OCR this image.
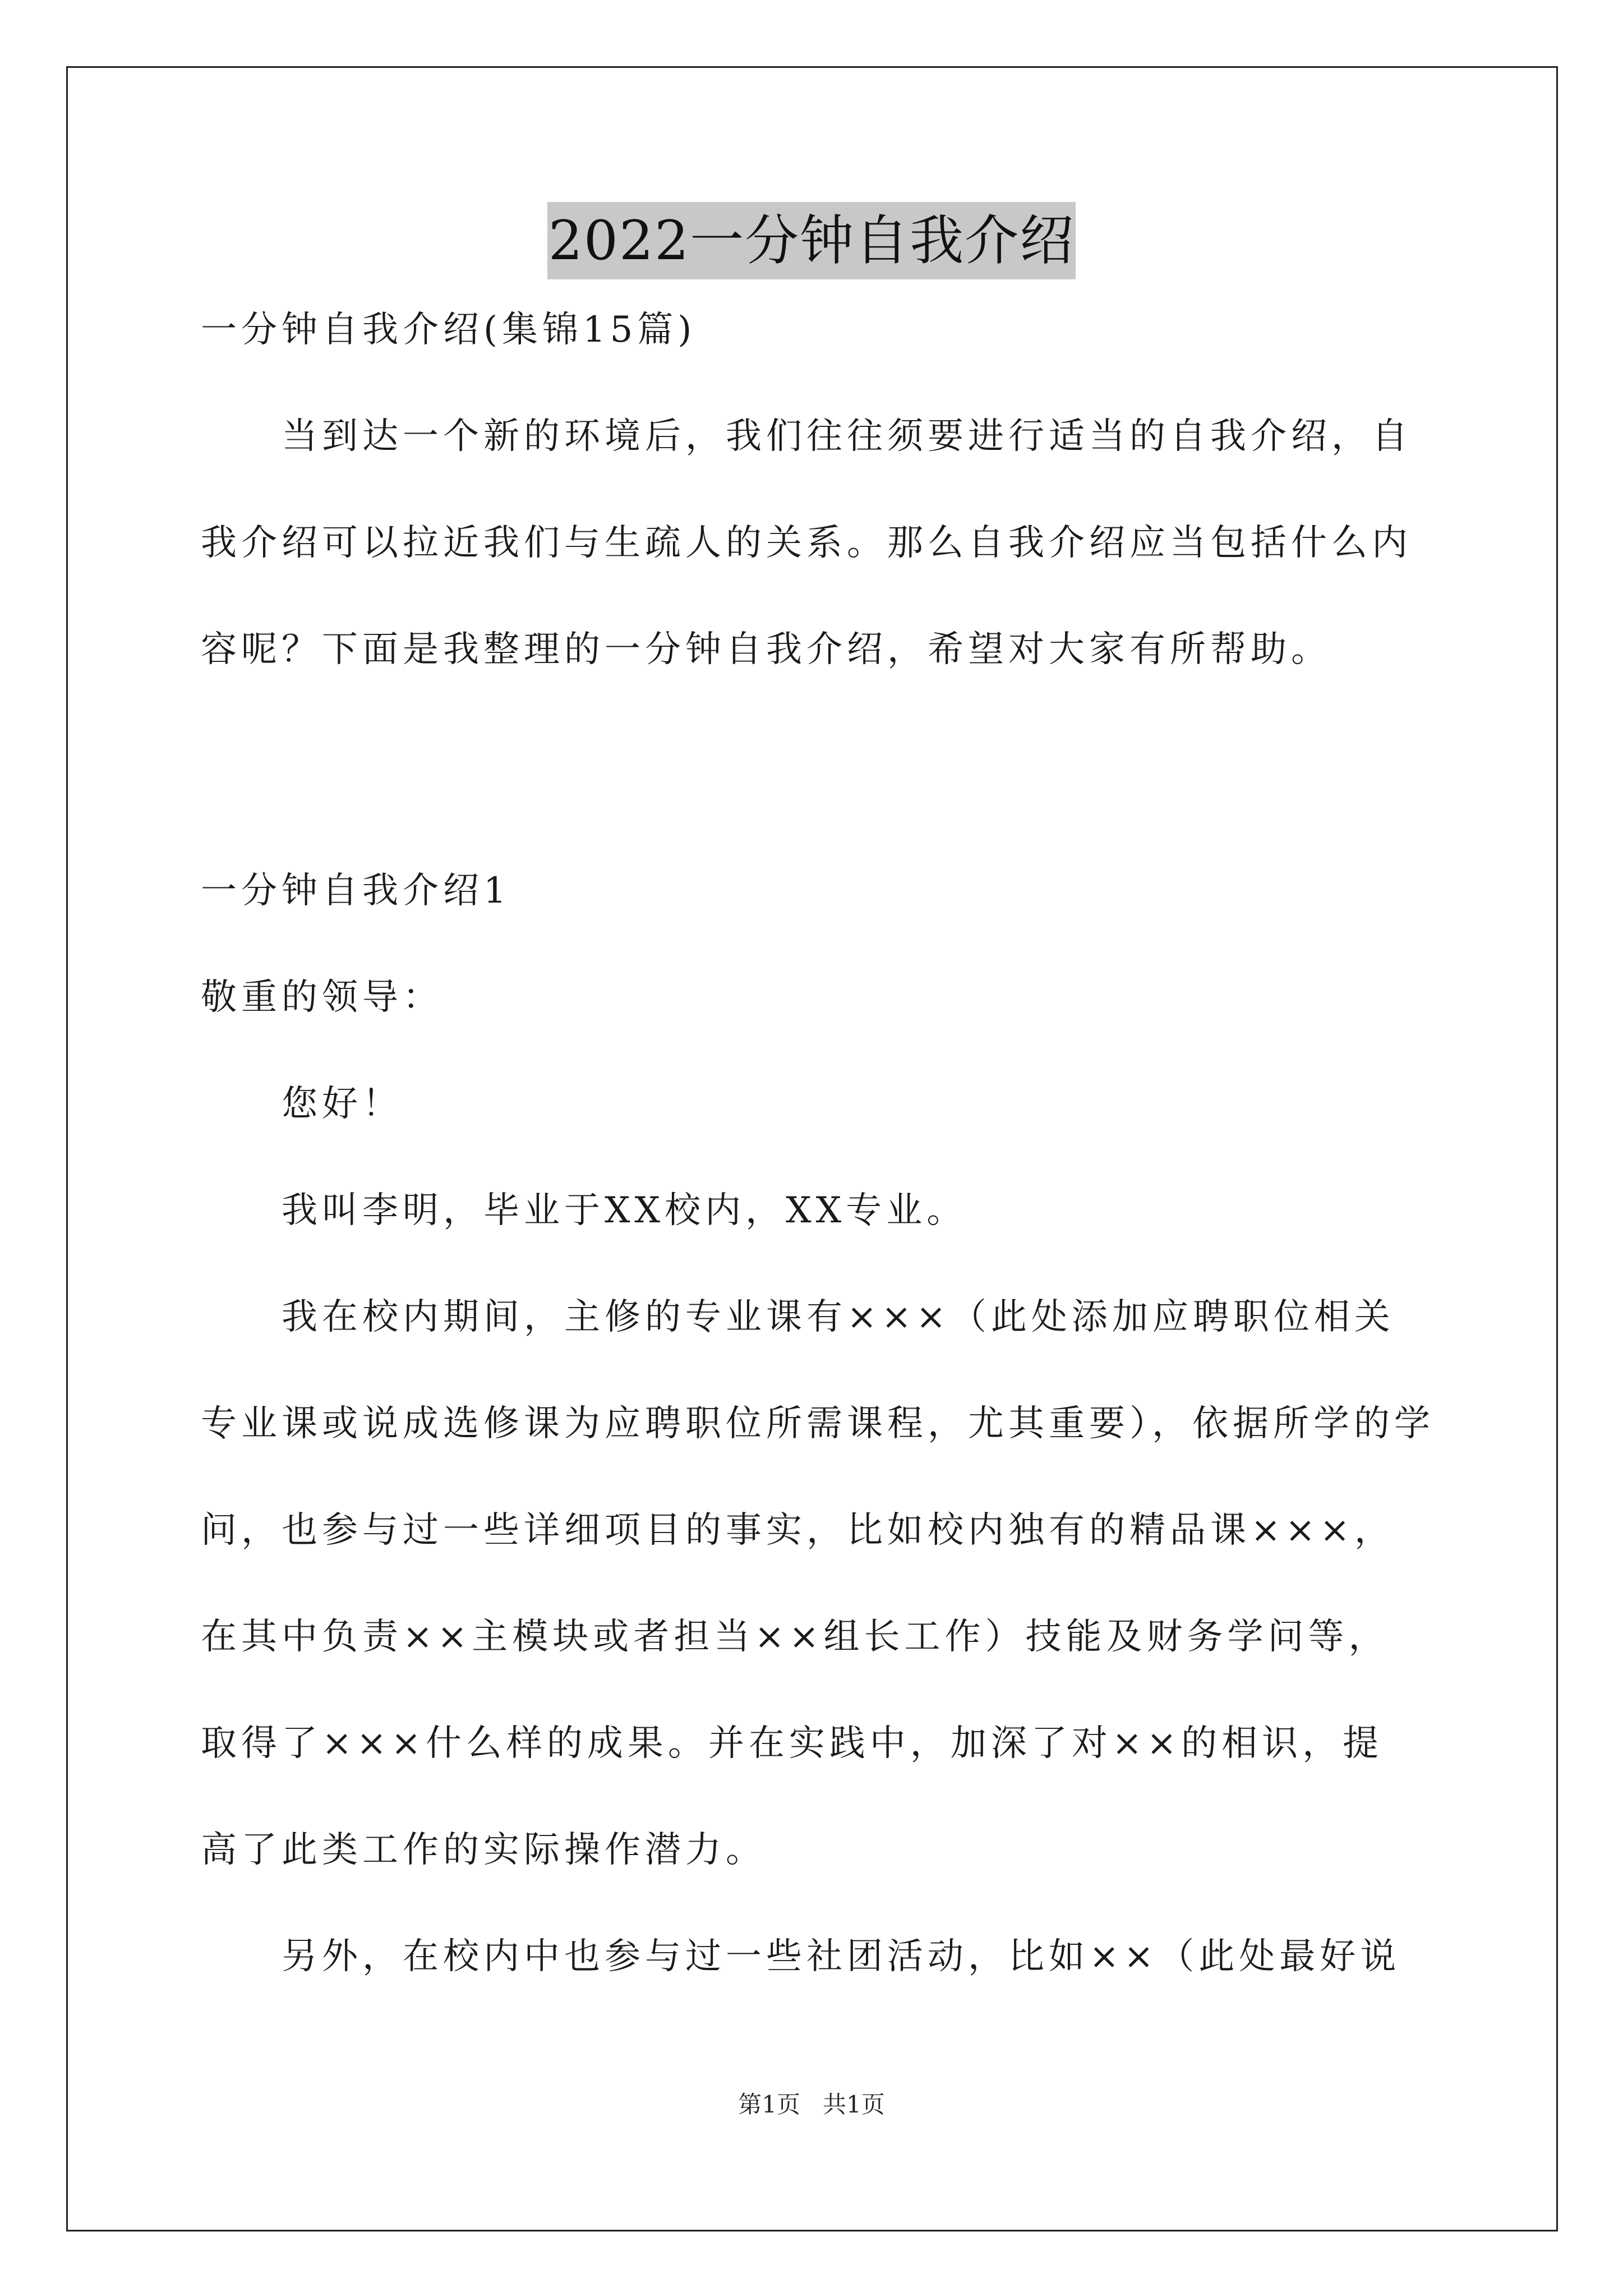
2022一分钟自我介绍
一分钟自我介绍(集锦15篇)
当到达一个新的环境后，我们往往须要进行适当的自我介绍，自
我介绍可以拉近我们与生疏人的关系。那么自我介绍应当包括什么内
容呢？下面是我整理的一分钟自我介绍，希望对大家有所帮助。
一分钟自我介绍1
敬重的领导：
您好！
我叫李明，毕业于XX校内，XX专业。
我在校内期间，主修的专业课有×××（此处添加应聘职位相关
专业课或说成选修课为应聘职位所需课程，尤其重要），依据所学的学
问，也参与过一些详细项目的事实，比如校内独有的精品课×××，
在其中负责××主模块或者担当××组长工作）技能及财务学问等，
取得了×××什么样的成果。并在实践中，加深了对××的相识，提
高了此类工作的实际操作潜力。
另外，在校内中也参与过一些社团活动，比如××（此处最好说
第1页   共1页
